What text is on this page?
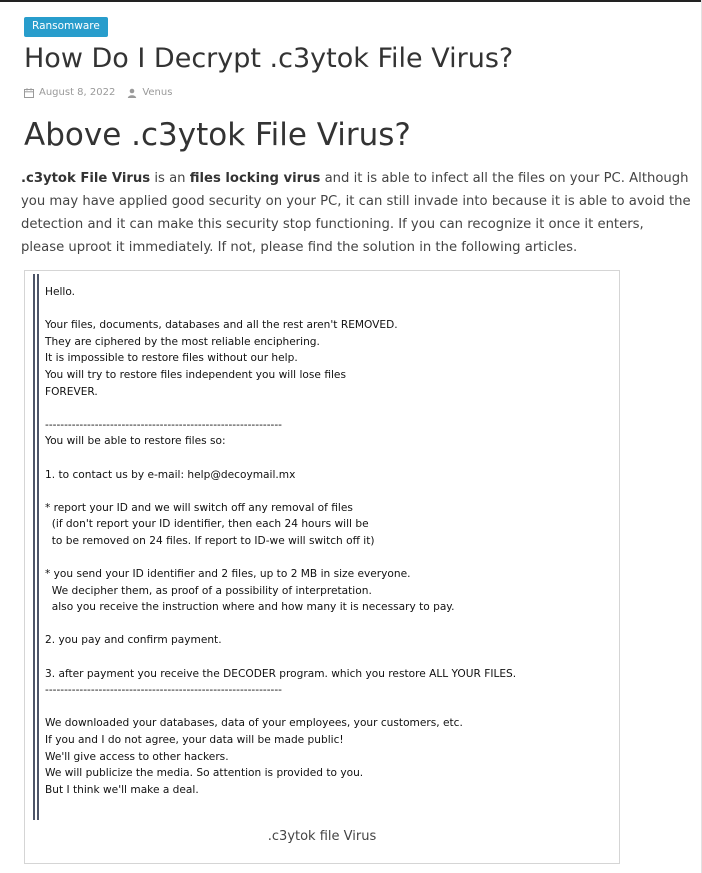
Ransomware
How Do I Decrypt .c3ytok File Virus?
August 8, 2022	Venus
Above .c3ytok File Virus?

.c3ytok File Virus is an files locking virus and it is able to infect all the files on your PC. Although you may have applied good security on your PC, it can still invade into because it is able to avoid the detection and it can make this security stop functioning. If you can recognize it once it enters, please uproot it immediately. If not, please find the solution in the following articles.

Hello.

Your files, documents, databases and all the rest aren't REMOVED.
They are ciphered by the most reliable enciphering.
It is impossible to restore files without our help.
You will try to restore files independent you will lose files
FOREVER.

--------------------------------------------------------------
You will be able to restore files so:

1. to contact us by e-mail: help@decoymail.mx

* report your ID and we will switch off any removal of files
(if don't report your ID identifier, then each 24 hours will be
to be removed on 24 files. If report to ID-we will switch off it)

* you send your ID identifier and 2 files, up to 2 MB in size everyone.
We decipher them, as proof of a possibility of interpretation.
also you receive the instruction where and how many it is necessary to pay.

2. you pay and confirm payment.

3. after payment you receive the DECODER program. which you restore ALL YOUR FILES.
--------------------------------------------------------------

We downloaded your databases, data of your employees, your customers, etc.
If you and I do not agree, your data will be made public!
We'll give access to other hackers.
We will publicize the media. So attention is provided to you.
But I think we'll make a deal.
.c3ytok file Virus
